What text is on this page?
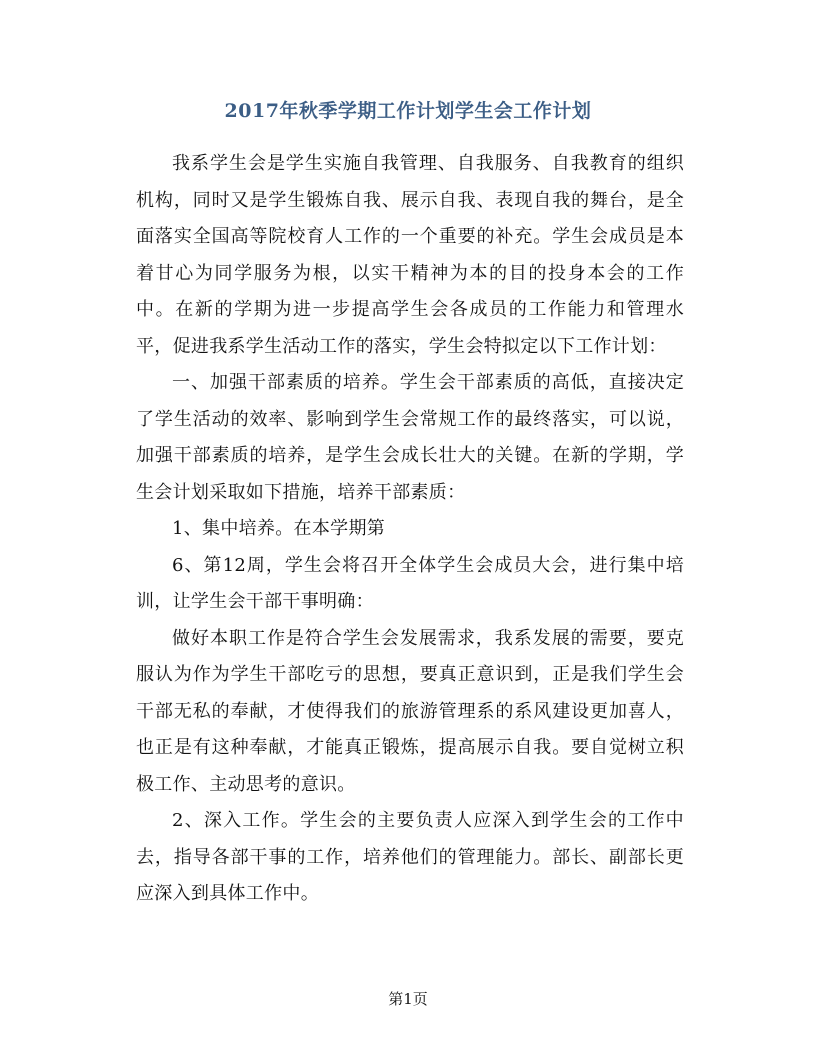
2017年秋季学期工作计划学生会工作计划

我系学生会是学生实施自我管理、自我服务、自我教育的组织机构，同时又是学生锻炼自我、展示自我、表现自我的舞台，是全面落实全国高等院校育人工作的一个重要的补充。学生会成员是本着甘心为同学服务为根，以实干精神为本的目的投身本会的工作中。在新的学期为进一步提高学生会各成员的工作能力和管理水平，促进我系学生活动工作的落实，学生会特拟定以下工作计划：

一、加强干部素质的培养。学生会干部素质的高低，直接决定了学生活动的效率、影响到学生会常规工作的最终落实，可以说，加强干部素质的培养，是学生会成长壮大的关键。在新的学期，学生会计划采取如下措施，培养干部素质：

1、集中培养。在本学期第

6、第12周，学生会将召开全体学生会成员大会，进行集中培训，让学生会干部干事明确：

做好本职工作是符合学生会发展需求，我系发展的需要，要克服认为作为学生干部吃亏的思想，要真正意识到，正是我们学生会干部无私的奉献，才使得我们的旅游管理系的系风建设更加喜人，也正是有这种奉献，才能真正锻炼，提高展示自我。要自觉树立积极工作、主动思考的意识。

2、深入工作。学生会的主要负责人应深入到学生会的工作中去，指导各部干事的工作，培养他们的管理能力。部长、副部长更应深入到具体工作中。

第1页
